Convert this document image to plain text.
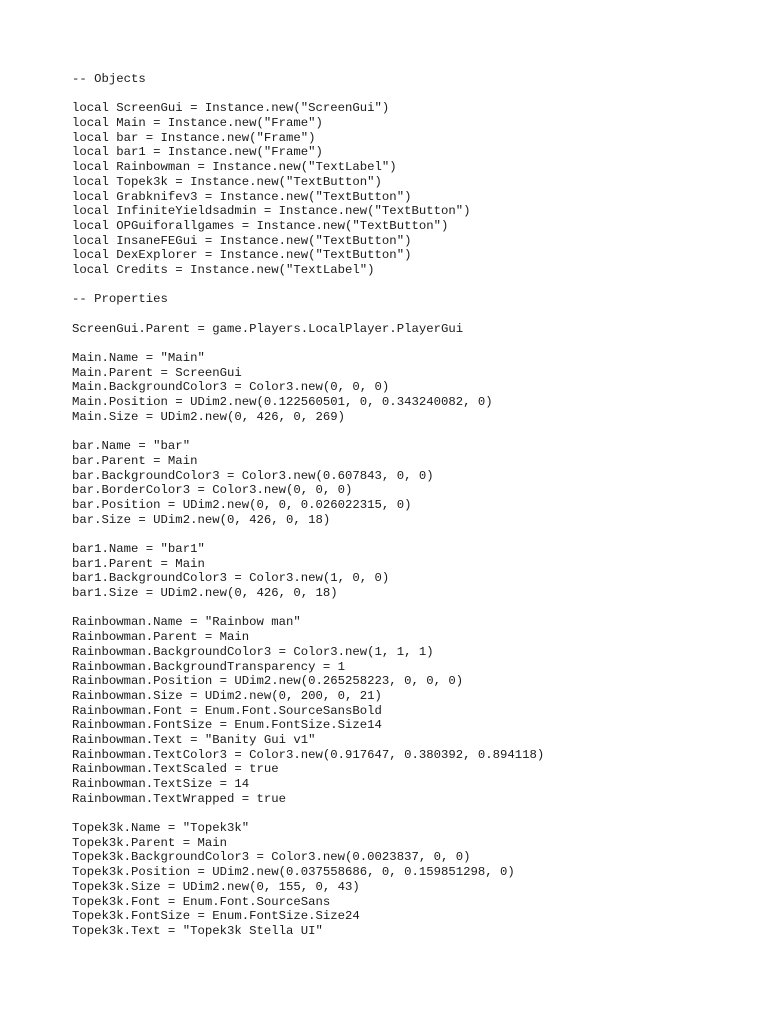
-- Objects
local ScreenGui = Instance.new("ScreenGui")
local Main = Instance.new("Frame")
local bar = Instance.new("Frame")
local bar1 = Instance.new("Frame")
local Rainbowman = Instance.new("TextLabel")
local Topek3k = Instance.new("TextButton")
local Grabknifev3 = Instance.new("TextButton")
local InfiniteYieldsadmin = Instance.new("TextButton")
local OPGuiforallgames = Instance.new("TextButton")
local InsaneFEGui = Instance.new("TextButton")
local DexExplorer = Instance.new("TextButton")
local Credits = Instance.new("TextLabel")
-- Properties
ScreenGui.Parent = game.Players.LocalPlayer.PlayerGui
Main.Name = "Main"
Main.Parent = ScreenGui
Main.BackgroundColor3 = Color3.new(0, 0, 0)
Main.Position = UDim2.new(0.122560501, 0, 0.343240082, 0)
Main.Size = UDim2.new(0, 426, 0, 269)
bar.Name = "bar"
bar.Parent = Main
bar.BackgroundColor3 = Color3.new(0.607843, 0, 0)
bar.BorderColor3 = Color3.new(0, 0, 0)
bar.Position = UDim2.new(0, 0, 0.026022315, 0)
bar.Size = UDim2.new(0, 426, 0, 18)
bar1.Name = "bar1"
bar1.Parent = Main
bar1.BackgroundColor3 = Color3.new(1, 0, 0)
bar1.Size = UDim2.new(0, 426, 0, 18)
Rainbowman.Name = "Rainbow man"
Rainbowman.Parent = Main
Rainbowman.BackgroundColor3 = Color3.new(1, 1, 1)
Rainbowman.BackgroundTransparency = 1
Rainbowman.Position = UDim2.new(0.265258223, 0, 0, 0)
Rainbowman.Size = UDim2.new(0, 200, 0, 21)
Rainbowman.Font = Enum.Font.SourceSansBold
Rainbowman.FontSize = Enum.FontSize.Size14
Rainbowman.Text = "Banity Gui v1"
Rainbowman.TextColor3 = Color3.new(0.917647, 0.380392, 0.894118)
Rainbowman.TextScaled = true
Rainbowman.TextSize = 14
Rainbowman.TextWrapped = true
Topek3k.Name = "Topek3k"
Topek3k.Parent = Main
Topek3k.BackgroundColor3 = Color3.new(0.0023837, 0, 0)
Topek3k.Position = UDim2.new(0.037558686, 0, 0.159851298, 0)
Topek3k.Size = UDim2.new(0, 155, 0, 43)
Topek3k.Font = Enum.Font.SourceSans
Topek3k.FontSize = Enum.FontSize.Size24
Topek3k.Text = "Topek3k Stella UI"
